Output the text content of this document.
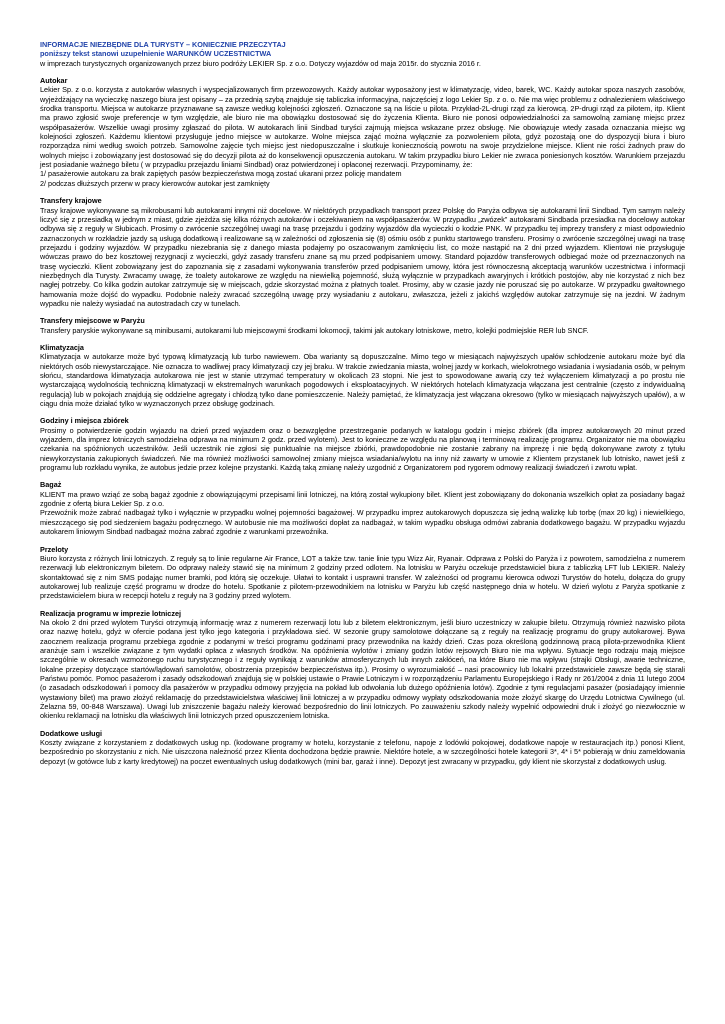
INFORMACJE NIEZBĘDNE DLA TURYSTY – KONIECZNIE PRZECZYTAJ
poniższy tekst stanowi uzupełnienie WARUNKÓW UCZESTNICTWA
w imprezach turystycznych organizowanych przez biuro podróży LEKIER Sp. z o.o. Dotyczy wyjazdów od maja 2015r. do stycznia 2016 r.
Autokar

Lekier Sp. z o.o. korzysta z autokarów własnych i wyspecjalizowanych firm przewozowych. Każdy autokar wyposażony jest w klimatyzację, video, barek, WC. Każdy autokar spoza naszych zasobów, wyjeżdżający na wycieczkę naszego biura jest opisany – za przednią szybą znajduje się tabliczka informacyjna, najczęściej z logo Lekier Sp. z o. o. Nie ma więc problemu z odnalezieniem właściwego środka transportu. Miejsca w autokarze przyznawane są zawsze według kolejności zgłoszeń. Oznaczone są na liście u pilota. Przykład-2L-drugi rząd za kierowcą. 2P-drugi rząd za pilotem, itp. Klient ma prawo zgłosić swoje preferencje w tym względzie, ale biuro nie ma obowiązku dostosować się do życzenia Klienta. Biuro nie ponosi odpowiedzialności za samowolną zamianę miejsc przez współpasażerów. Wszelkie uwagi prosimy zgłaszać do pilota. W autokarach linii Sindbad turyści zajmują miejsca wskazane przez obsługę. Nie obowiązuje wtedy zasada oznaczania miejsc wg kolejności zgłoszeń. Każdemu klientowi przysługuje jedno miejsce w autokarze. Wolne miejsca zająć można wyłącznie za pozwoleniem pilota, gdyż pozostają one do dyspozycji biura i biuro rozporządza nimi według swoich potrzeb. Samowolne zajęcie tych miejsc jest niedopuszczalne i skutkuje koniecznością powrotu na swoje przydzielone miejsce. Klient nie rości żadnych praw do wolnych miejsc i zobowiązany jest dostosować się do decyzji pilota aż do konsekwencji opuszczenia autokaru. W takim przypadku biuro Lekier nie zwraca poniesionych kosztów. Warunkiem przejazdu jest posiadanie ważnego biletu ( w przypadku przejazdu liniami Sindbad) oraz potwierdzonej i opłaconej rezerwacji. Przypominamy, że:

1/ pasażerowie autokaru za brak zapiętych pasów bezpieczeństwa mogą zostać ukarani przez policję mandatem
2/ podczas dłuższych przerw w pracy kierowców autokar jest zamknięty
Transfery krajowe

Trasy krajowe wykonywane są mikrobusami lub autokarami innymi niż docelowe. W niektórych przypadkach transport przez Polskę do Paryża odbywa się autokarami linii Sindbad. Tym samym należy liczyć się z przesiadką w jednym z miast, gdzie zjeżdża się kilka różnych autokarów i oczekiwaniem na współpasażerów. W przypadku „zwózek” autokarami Sindbada przesiadka na docelowy autokar odbywa się z reguły w Słubicach. Prosimy o zwrócenie szczególnej uwagi na trasę przejazdu i godziny wyjazdów dla wycieczki o kodzie PNK. W przypadku tej imprezy transfery z miast odpowiednio zaznaczonych w rozkładzie jazdy są usługą dodatkową i realizowane są w zależności od zgłoszenia się (8) ośmiu osób z punktu startowego transferu. Prosimy o zwrócenie szczególnej uwagi na trasę przejazdu i godziny wyjazdów. W przypadku niezebrania się z danego miasta podajemy po oszacowanym zamknięciu list, co może nastąpić na 2 dni przed wyjazdem. Klientowi nie przysługuje wówczas prawo do bez kosztowej rezygnacji z wycieczki, gdyż zasady transferu znane są mu przed podpisaniem umowy. Standard pojazdów transferowych odbiegać może od przeznaczonych na trasę wycieczki. Klient zobowiązany jest do zapoznania się z zasadami wykonywania transferów przed podpisaniem umowy, która jest równoczesną akceptacją warunków uczestnictwa i informacji niezbędnych dla Turysty. Zwracamy uwagę, że toalety autokarowe ze względu na niewielką pojemność, służą wyłącznie w przypadkach awaryjnych i krótkich postojów, aby nie korzystać z nich bez nagłej potrzeby. Co kilka godzin autokar zatrzymuje się w miejscach, gdzie skorzystać można z płatnych toalet. Prosimy, aby w czasie jazdy nie poruszać się po autokarze. W przypadku gwałtownego hamowania może dojść do wypadku. Podobnie należy zwracać szczególną uwagę przy wysiadaniu z autokaru, zwłaszcza, jeżeli z jakichś względów autokar zatrzymuje się na jezdni. W żadnym wypadku nie należy wysiadać na autostradach czy w tunelach.

Transfery miejscowe w Paryżu

Transfery paryskie wykonywane są minibusami, autokarami lub miejscowymi środkami lokomocji, takimi jak autokary lotniskowe, metro, kolejki podmiejskie RER lub SNCF.

Klimatyzacja

Klimatyzacja w autokarze może być typową klimatyzacją lub turbo nawiewem. Oba warianty są dopuszczalne. Mimo tego w miesiącach najwyższych upałów schłodzenie autokaru może być dla niektórych osób niewystarczające. Nie oznacza to wadliwej pracy klimatyzacji czy jej braku. W trakcie zwiedzania miasta, wolnej jazdy w korkach, wielokrotnego wsiadania i wysiadania osób, w pełnym słońcu, standardowa klimatyzacja autokarowa nie jest w stanie utrzymać temperatury w okolicach 23 stopni. Nie jest to spowodowane awarią czy też wyłączeniem klimatyzacji a po prostu nie wystarczającą wydolnością techniczną klimatyzacji w ekstremalnych warunkach pogodowych i eksploatacyjnych. W niektórych hotelach klimatyzacja włączana jest centralnie (często z indywidualną regulacją) lub w pokojach znajdują się oddzielne agregaty i chłodzą tylko dane pomieszczenie. Należy pamiętać, że klimatyzacja jest włączana okresowo (tylko w miesiącach najwyższych upałów), a w ciągu dnia może działać tylko w wyznaczonych przez obsługę godzinach.

Godziny i miejsca zbiórek

Prosimy o potwierdzenie godzin wyjazdu na dzień przed wyjazdem oraz o bezwzględne przestrzeganie podanych w katalogu godzin i miejsc zbiórek (dla imprez autokarowych 20 minut przed wyjazdem, dla imprez lotniczych samodzielna odprawa na minimum 2 godz. przed wylotem). Jest to konieczne ze względu na planową i terminową realizację programu. Organizator nie ma obowiązku czekania na spóźnionych uczestników. Jeśli uczestnik nie zgłosi się punktualnie na miejsce zbiórki, prawdopodobnie nie zostanie zabrany na imprezę i nie będą dokonywane zwroty z tytułu niewykorzystania zakupionych świadczeń. Nie ma również możliwości samowolnej zmiany miejsca wsiadania/wylotu na inny niż zawarty w umowie z Klientem przystanek lub lotnisko, nawet jeśli z programu lub rozkładu wynika, że autobus jedzie przez kolejne przystanki. Każdą taką zmianę należy uzgodnić z Organizatorem pod rygorem odmowy realizacji świadczeń i zwrotu wpłat.

Bagaż

KLIENT ma prawo wziąć ze sobą bagaż zgodnie z obowiązującymi przepisami linii lotniczej, na którą został wykupiony bilet. Klient jest zobowiązany do dokonania wszelkich opłat za posiadany bagaż zgodnie z ofertą biura Lekier Sp. z o.o.

Przewoźnik może zabrać nadbagaż tylko i wyłącznie w przypadku wolnej pojemności bagażowej. W przypadku imprez autokarowych dopuszcza się jedną walizkę lub torbę (max 20 kg) i niewielkiego, mieszczącego się pod siedzeniem bagażu podręcznego. W autobusie nie ma możliwości dopłat za nadbagaż, w takim wypadku obsługa odmówi zabrania dodatkowego bagażu. W przypadku wyjazdu autokarem liniowym Sindbad nadbagaż można zabrać zgodnie z warunkami przewoźnika.

Przeloty

Biuro korzysta z różnych linii lotniczych. Z reguły są to linie regularne Air France, LOT a także tzw. tanie linie typu Wizz Air, Ryanair. Odprawa z Polski do Paryża i z powrotem, samodzielna z numerem rezerwacji lub elektronicznym biletem. Do odprawy należy stawić się na minimum 2 godziny przed odlotem. Na lotnisku w Paryżu oczekuje przedstawiciel biura z tabliczką LFT lub LEKIER. Należy skontaktować się z nim SMS podając numer bramki, pod którą się oczekuje. Ułatwi to kontakt i usprawni transfer. W zależności od programu kierowca odwozi Turystów do hotelu, dołącza do grupy autokarowej lub realizuje część programu w drodze do hotelu. Spotkanie z pilotem-przewodnikiem na lotnisku w Paryżu lub część następnego dnia w hotelu. W dzień wylotu z Paryża spotkanie z przedstawicielem biura w recepcji hotelu z reguły na 3 godziny przed wylotem.

Realizacja programu w imprezie lotniczej

Na około 2 dni przed wylotem Turyści otrzymują informację wraz z numerem rezerwacji lotu lub z biletem elektronicznym, jeśli biuro uczestniczy w zakupie biletu. Otrzymują również nazwisko pilota oraz nazwę hotelu, gdyż w ofercie podana jest tylko jego kategoria i przykładowa sieć. W sezonie grupy samolotowe dołączane są z reguły na realizację programu do grupy autokarowej. Bywa zaocznem realizacja programu przebiega zgodnie z podanymi w treści programu godzinami pracy przewodnika na każdy dzień. Czas poza określoną godzinnową pracą pilota-przewodnika Klient aranżuje sam i wszelkie związane z tym wydatki opłaca z własnych środków. Na opóźnienia wylotów i zmiany godzin lotów rejsowych Biuro nie ma wpływu. Sytuacje tego rodzaju mają miejsce szczególnie w okresach wzmożonego ruchu turystycznego i z reguły wynikają z warunków atmosferycznych lub innych zakłóceń, na które Biuro nie ma wpływu (strajki Obsługi, awarie techniczne, lokalne przepisy dotyczące startów/lądowań samolotów, obostrzenia przepisów bezpieczeństwa itp.). Prosimy o wyrozumiałość – nasi pracownicy lub lokalni przedstawiciele zawsze będą się starali Państwu pomóc. Pomoc pasażerom i zasady odszkodowań znajdują się w polskiej ustawie o Prawie Lotniczym i w rozporządzeniu Parlamentu Europejskiego i Rady nr 261/2004 z dnia 11 lutego 2004 (o zasadach odszkodowań i pomocy dla pasażerów w przypadku odmowy przyjęcia na pokład lub odwołania lub dużego opóźnienia lotów). Zgodnie z tymi regulacjami pasażer (posiadający imiennie wystawiony bilet) ma prawo złożyć reklamację do przedstawicielstwa właściwej linii lotniczej a w przypadku odmowy wypłaty odszkodowania może złożyć skargę do Urzędu Lotnictwa Cywilnego (ul. Żelazna 59, 00-848 Warszawa). Uwagi lub zniszczenie bagażu należy kierować bezpośrednio do linii lotniczych. Po zauważeniu szkody należy wypełnić odpowiedni druk i złożyć go niezwłocznie w okienku reklamacji na lotnisku dla właściwych linii lotniczych przed opuszczeniem lotniska.

Dodatkowe usługi

Koszty związane z korzystaniem z dodatkowych usług np. (kodowane programy w hotelu, korzystanie z telefonu, napoje z lodówki pokojowej, dodatkowe napoje w restauracjach itp.) ponosi Klient, bezpośrednio po skorzystaniu z nich. Nie uiszczona należność przez Klienta dochodzona będzie prawnie. Niektóre hotele, a w szczególności hotele kategorii 3*, 4* i 5* pobierają w dniu zameldowania depozyt (w gotówce lub z karty kredytowej) na poczet ewentualnych usług dodatkowych (mini bar, garaż i inne). Depozyt jest zwracany w przypadku, gdy klient nie skorzystał z dodatkowych usług.
